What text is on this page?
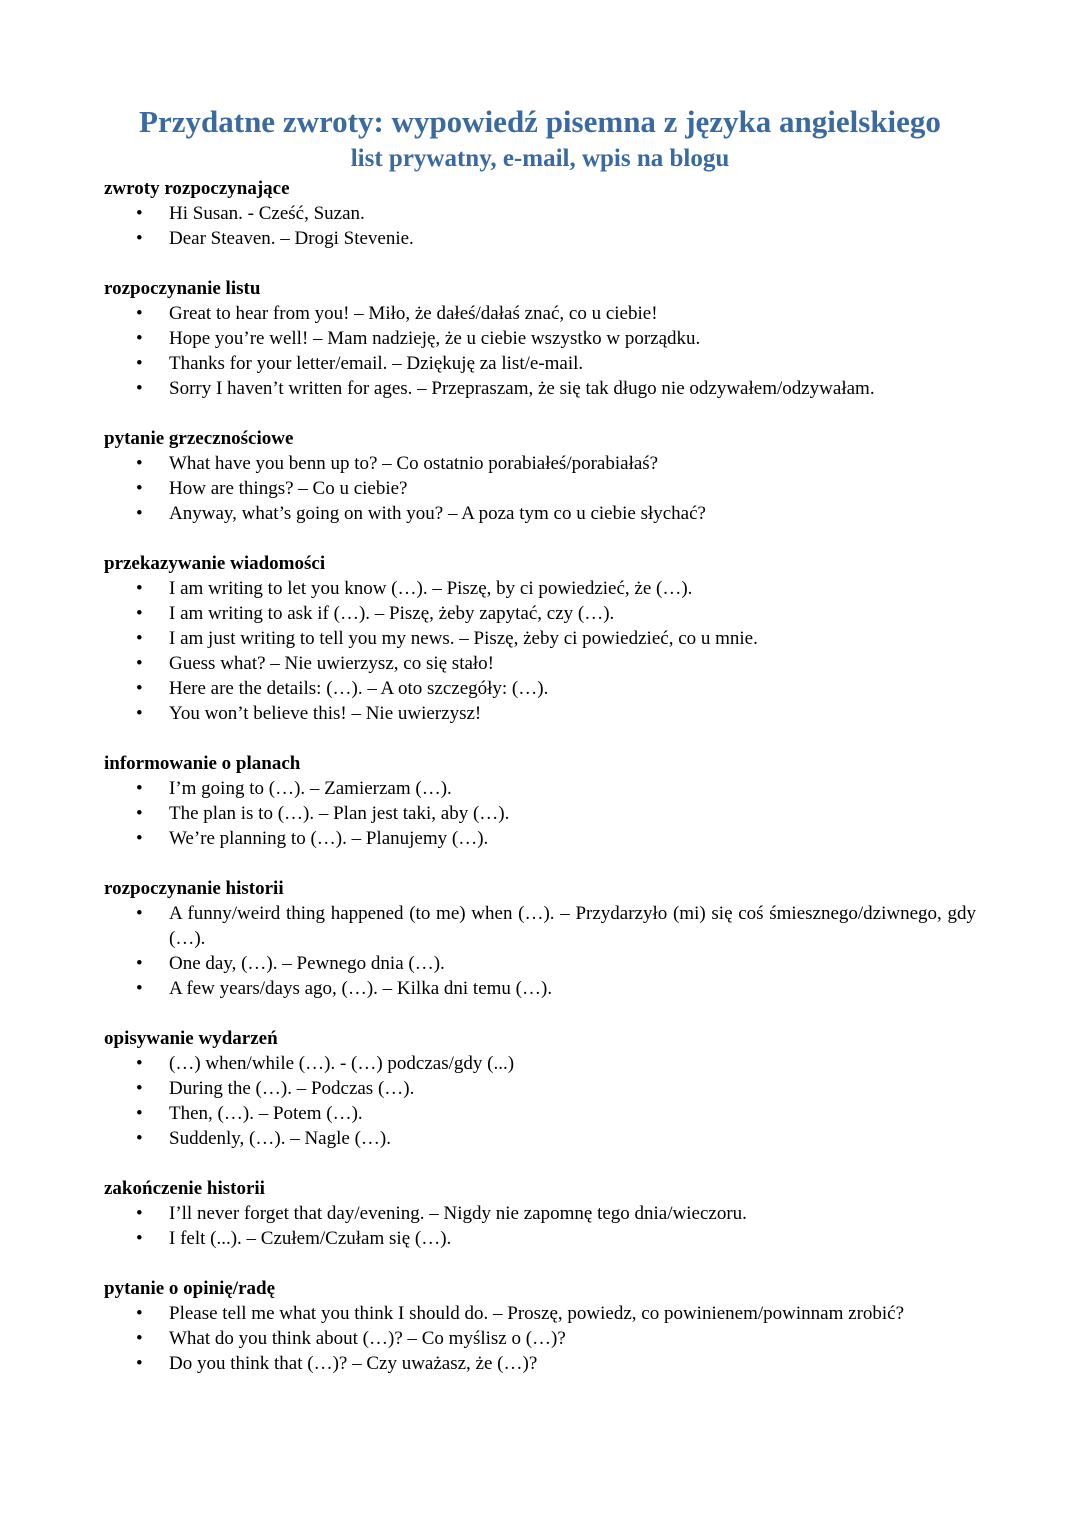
Przydatne zwroty: wypowiedź pisemna z języka angielskiego
list prywatny, e-mail, wpis na blogu
zwroty rozpoczynające
• Hi Susan. - Cześć, Suzan.
• Dear Steaven. – Drogi Stevenie.
rozpoczynanie listu
• Great to hear from you! – Miło, że dałeś/dałaś znać, co u ciebie!
• Hope you’re well! – Mam nadzieję, że u ciebie wszystko w porządku.
• Thanks for your letter/email. – Dziękuję za list/e-mail.
• Sorry I haven’t written for ages. – Przepraszam, że się tak długo nie odzywałem/odzywałam.
pytanie grzecznościowe
• What have you benn up to? – Co ostatnio porabiałeś/porabiałaś?
• How are things? – Co u ciebie?
• Anyway, what’s going on with you? – A poza tym co u ciebie słychać?
przekazywanie wiadomości
• I am writing to let you know (…). – Piszę, by ci powiedzieć, że (…).
• I am writing to ask if (…). – Piszę, żeby zapytać, czy (…).
• I am just writing to tell you my news. – Piszę, żeby ci powiedzieć, co u mnie.
• Guess what? – Nie uwierzysz, co się stało!
• Here are the details: (…). – A oto szczegóły: (…).
• You won’t believe this! – Nie uwierzysz!
informowanie o planach
• I’m going to (…). – Zamierzam (…).
• The plan is to (…). – Plan jest taki, aby (…).
• We’re planning to (…). – Planujemy (…).
rozpoczynanie historii
• A funny/weird thing happened (to me) when (…). – Przydarzyło (mi) się coś śmiesznego/dziwnego, gdy (…).
• One day, (…). – Pewnego dnia (…).
• A few years/days ago, (…). – Kilka dni temu (…).
opisywanie wydarzeń
• (…) when/while (…). - (…) podczas/gdy (...)
• During the (…). – Podczas (…).
• Then, (…). – Potem (…).
• Suddenly, (…). – Nagle (…).
zakończenie historii
• I’ll never forget that day/evening. – Nigdy nie zapomnę tego dnia/wieczoru.
• I felt (...). – Czułem/Czułam się (…).
pytanie o opinię/radę
• Please tell me what you think I should do. – Proszę, powiedz, co powinienem/powinnam zrobić?
• What do you think about (…)? – Co myślisz o (…)?
• Do you think that (…)? – Czy uważasz, że (…)?
